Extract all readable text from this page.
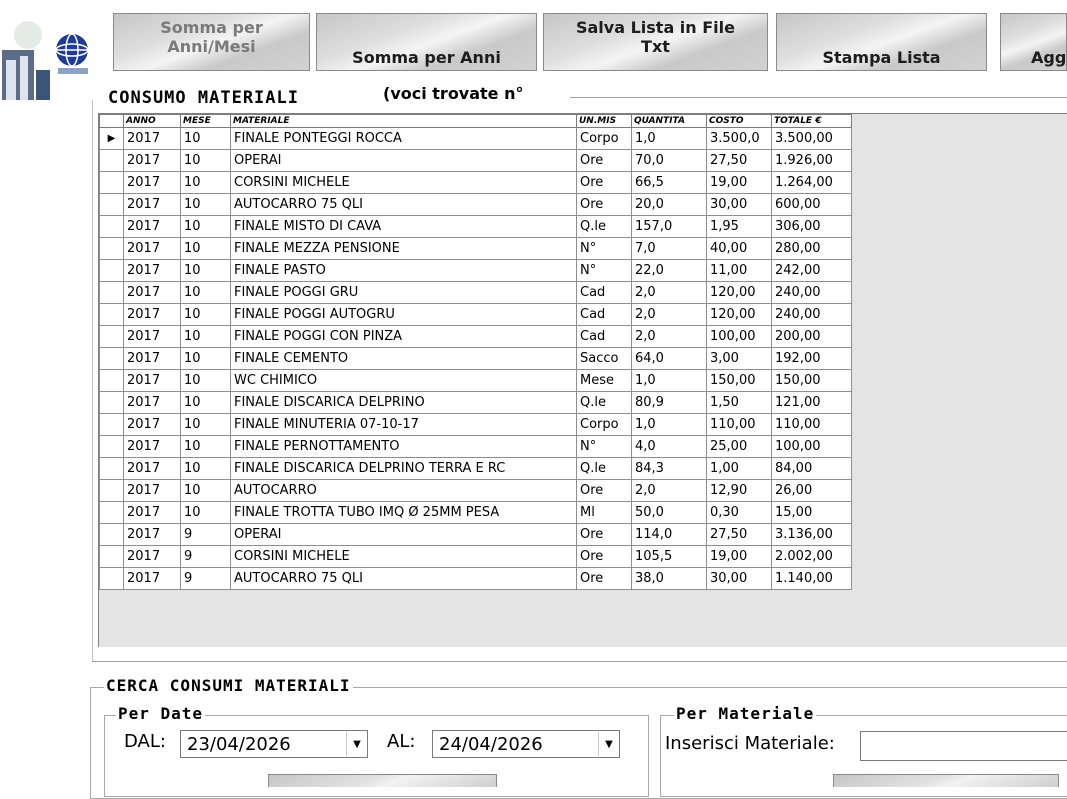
Somma per
Anni/Mesi
Somma per Anni
Salva Lista in File
Txt
Stampa Lista	Agg
CONSUMO MATERIALI	(voci trovate n°
	ANNO	MESE	MATERIALE	UN.MIS	QUANTITA	COSTO	TOTALE €
▶	2017	10	FINALE PONTEGGI ROCCA	Corpo	1,0	3.500,0	3.500,00
	2017	10	OPERAI	Ore	70,0	27,50	1.926,00
	2017	10	CORSINI MICHELE	Ore	66,5	19,00	1.264,00
	2017	10	AUTOCARRO 75 QLI	Ore	20,0	30,00	600,00
	2017	10	FINALE MISTO DI CAVA	Q.le	157,0	1,95	306,00
	2017	10	FINALE MEZZA PENSIONE	N°	7,0	40,00	280,00
	2017	10	FINALE PASTO	N°	22,0	11,00	242,00
	2017	10	FINALE POGGI GRU	Cad	2,0	120,00	240,00
	2017	10	FINALE POGGI AUTOGRU	Cad	2,0	120,00	240,00
	2017	10	FINALE POGGI CON PINZA	Cad	2,0	100,00	200,00
	2017	10	FINALE CEMENTO	Sacco	64,0	3,00	192,00
	2017	10	WC CHIMICO	Mese	1,0	150,00	150,00
	2017	10	FINALE DISCARICA DELPRINO	Q.le	80,9	1,50	121,00
	2017	10	FINALE MINUTERIA 07-10-17	Corpo	1,0	110,00	110,00
	2017	10	FINALE PERNOTTAMENTO	N°	4,0	25,00	100,00
	2017	10	FINALE DISCARICA DELPRINO TERRA E RC	Q.le	84,3	1,00	84,00
	2017	10	AUTOCARRO	Ore	2,0	12,90	26,00
	2017	10	FINALE TROTTA TUBO IMQ Ø 25MM PESA	Ml	50,0	0,30	15,00
	2017	9	OPERAI	Ore	114,0	27,50	3.136,00
	2017	9	CORSINI MICHELE	Ore	105,5	19,00	2.002,00
	2017	9	AUTOCARRO 75 QLI	Ore	38,0	30,00	1.140,00
CERCA CONSUMI MATERIALI
Per Date
DAL:	23/04/2026	▼	AL:	24/04/2026	▼
Per Materiale
Inserisci Materiale:
